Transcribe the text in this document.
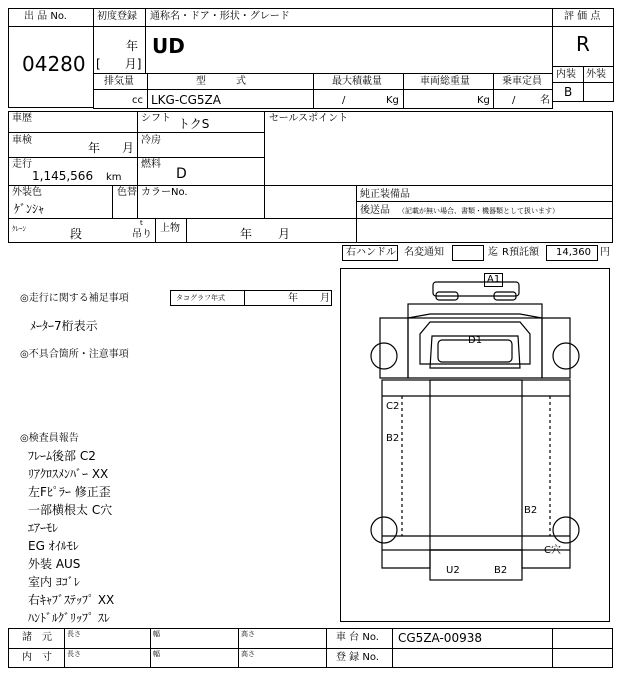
出 品 No.
04280
初度登録 通称名・ドア・形状・グレード
年
[　　月]
UD
評 価 点
R
内装 外装
B
排気量	型　　　式	最大積載量	車両総重量	乗車定員
cc LKG-CG5ZA	/	Kg	Kg / 名
車歴	シフト トクS	セールスポイント
車検
年 月
冷房
走行
1,145,566 km
燃料
D
外装色
ｹﾞﾝｼｬ
色替 カラーNo.	純正装備品
後送品 （記載が無い場合、書類・機器類として扱います）
ｸﾚｰﾝ	段
t
吊り
上物	年 月
右ハンドル 名変通知	迄 R預託額 14,360 円
◎走行に関する補足事項	タコグラフ年式	年 月
ﾒｰﾀｰ7桁表示
◎不具合箇所・注意事項
◎検査員報告
ﾌﾚｰﾑ後部 C2
ﾘｱｸﾛｽﾒﾝﾊﾞｰ XX
左Fﾋﾟﾗｰ 修正歪
一部横根太 C穴
ｴｱｰﾓﾚ
EG ｵｲﾙﾓﾚ
外装 AUS
室内 ﾖｺﾞﾚ
右ｷｬﾌﾞｽﾃｯﾌﾟ XX
ﾊﾝﾄﾞﾙｸﾞﾘｯﾌﾟ ｽﾚ
A1
D1
C2
B2
B2
C穴
U2	B2
諸　元
内　寸
長さ	幅	高さ
長さ	幅	高さ
車 台 No. CG5ZA-00938
登 録 No.
